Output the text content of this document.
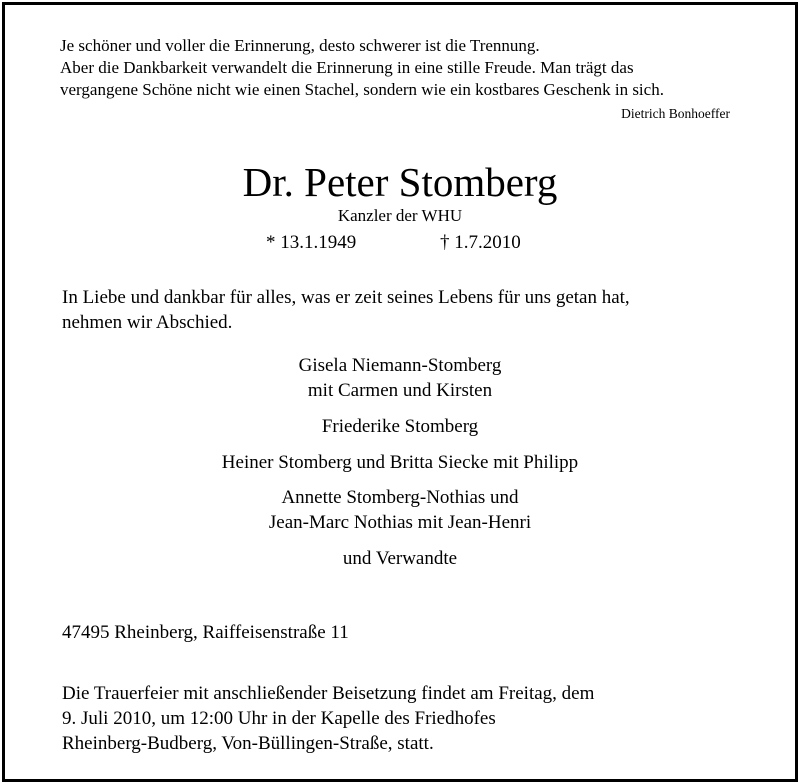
Je schöner und voller die Erinnerung, desto schwerer ist die Trennung.
Aber die Dankbarkeit verwandelt die Erinnerung in eine stille Freude. Man trägt das
vergangene Schöne nicht wie einen Stachel, sondern wie ein kostbares Geschenk in sich.
Dietrich Bonhoeffer
Dr. Peter Stomberg
Kanzler der WHU
* 13.1.1949	† 1.7.2010
In Liebe und dankbar für alles, was er zeit seines Lebens für uns getan hat,
nehmen wir Abschied.
Gisela Niemann-Stomberg
mit Carmen und Kirsten
Friederike Stomberg
Heiner Stomberg und Britta Siecke mit Philipp
Annette Stomberg-Nothias und
Jean-Marc Nothias mit Jean-Henri
und Verwandte
47495 Rheinberg, Raiffeisenstraße 11
Die Trauerfeier mit anschließender Beisetzung findet am Freitag, dem
9. Juli 2010, um 12:00 Uhr in der Kapelle des Friedhofes
Rheinberg-Budberg, Von-Büllingen-Straße, statt.
